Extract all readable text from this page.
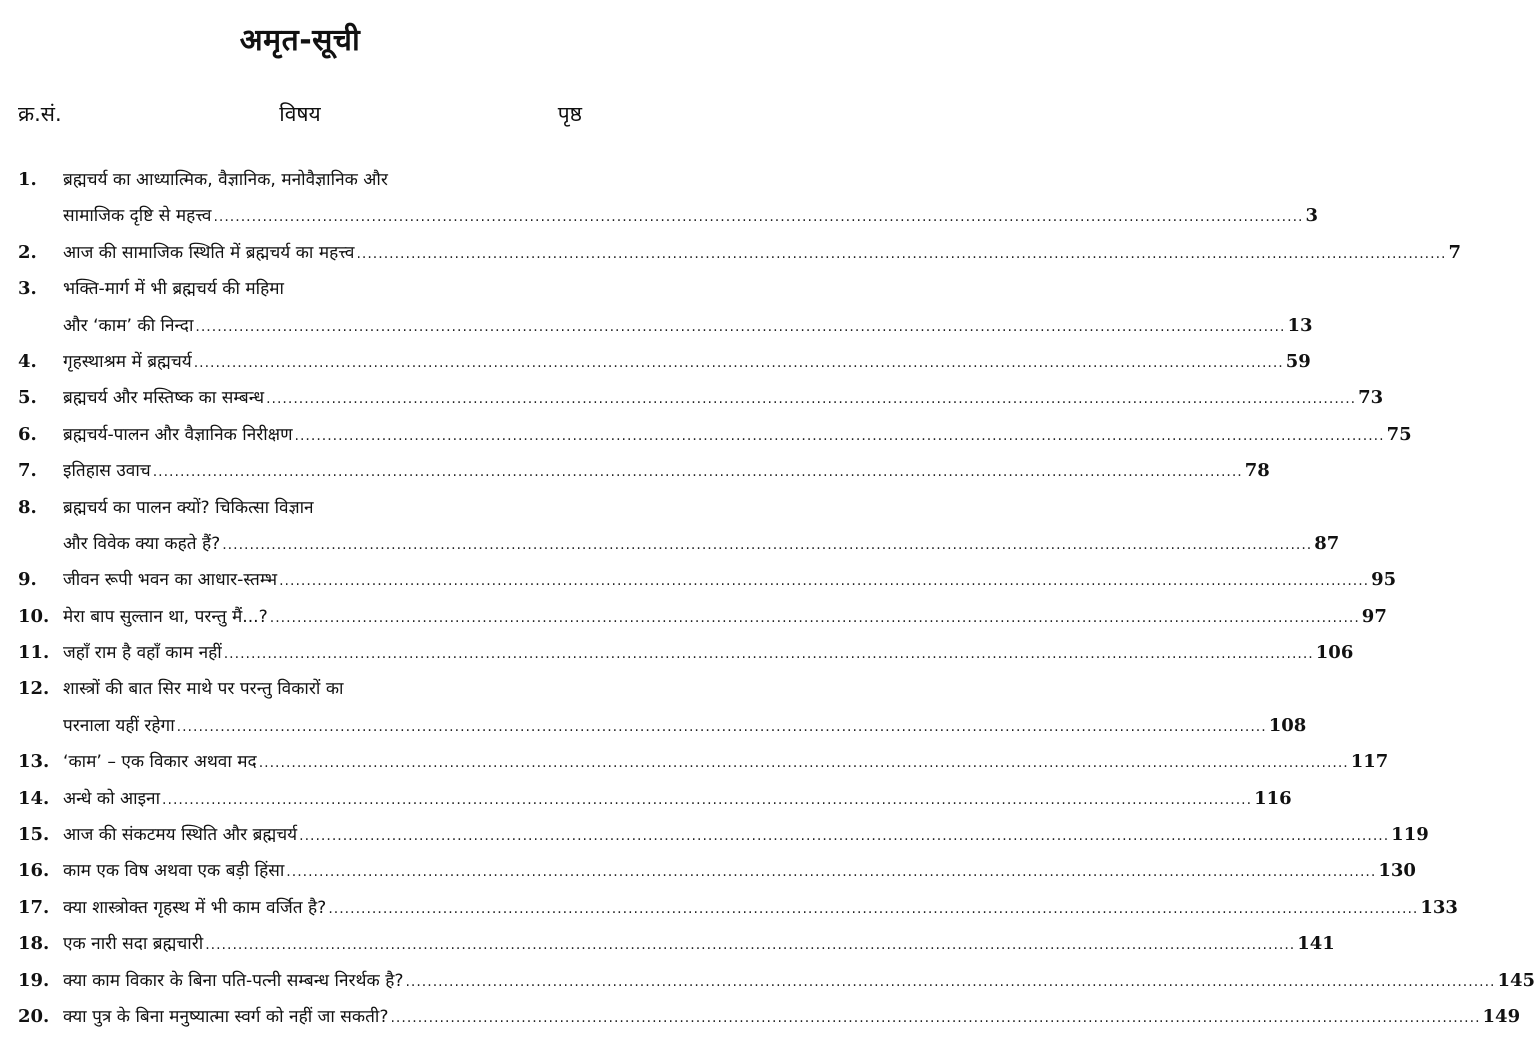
अमृत-सूची
क्र.सं.	विषय	पृष्ठ
1. ब्रह्मचर्य का आध्यात्मिक, वैज्ञानिक, मनोवैज्ञानिक और
सामाजिक दृष्टि से महत्त्व ........................................................................................................................................................................................................ 3
2. आज की सामाजिक स्थिति में ब्रह्मचर्य का महत्त्व ........................................................................................................................................................................................................ 7
3. भक्ति-मार्ग में भी ब्रह्मचर्य की महिमा
और ‘काम’ की निन्दा ........................................................................................................................................................................................................ 13
4. गृहस्थाश्रम में ब्रह्मचर्य ........................................................................................................................................................................................................ 59
5. ब्रह्मचर्य और मस्तिष्क का सम्बन्ध ........................................................................................................................................................................................................ 73
6. ब्रह्मचर्य-पालन और वैज्ञानिक निरीक्षण ........................................................................................................................................................................................................ 75
7. इतिहास उवाच ........................................................................................................................................................................................................ 78
8. ब्रह्मचर्य का पालन क्यों? चिकित्सा विज्ञान
और विवेक क्या कहते हैं? ........................................................................................................................................................................................................ 87
9. जीवन रूपी भवन का आधार-स्तम्भ ........................................................................................................................................................................................................ 95
10. मेरा बाप सुल्तान था, परन्तु मैं...? ........................................................................................................................................................................................................ 97
11. जहाँ राम है वहाँ काम नहीं ........................................................................................................................................................................................................ 106
12. शास्त्रों की बात सिर माथे पर परन्तु विकारों का
परनाला यहीं रहेगा ........................................................................................................................................................................................................ 108
13. ‘काम’ – एक विकार अथवा मद ........................................................................................................................................................................................................ 117
14. अन्धे को आइना ........................................................................................................................................................................................................ 116
15. आज की संकटमय स्थिति और ब्रह्मचर्य ........................................................................................................................................................................................................ 119
16. काम एक विष अथवा एक बड़ी हिंसा ........................................................................................................................................................................................................ 130
17. क्या शास्त्रोक्त गृहस्थ में भी काम वर्जित है? ........................................................................................................................................................................................................ 133
18. एक नारी सदा ब्रह्मचारी ........................................................................................................................................................................................................ 141
19. क्या काम विकार के बिना पति-पत्नी सम्बन्ध निरर्थक है? ........................................................................................................................................................................................................ 145
20. क्या पुत्र के बिना मनुष्यात्मा स्वर्ग को नहीं जा सकती? ........................................................................................................................................................................................................ 149
